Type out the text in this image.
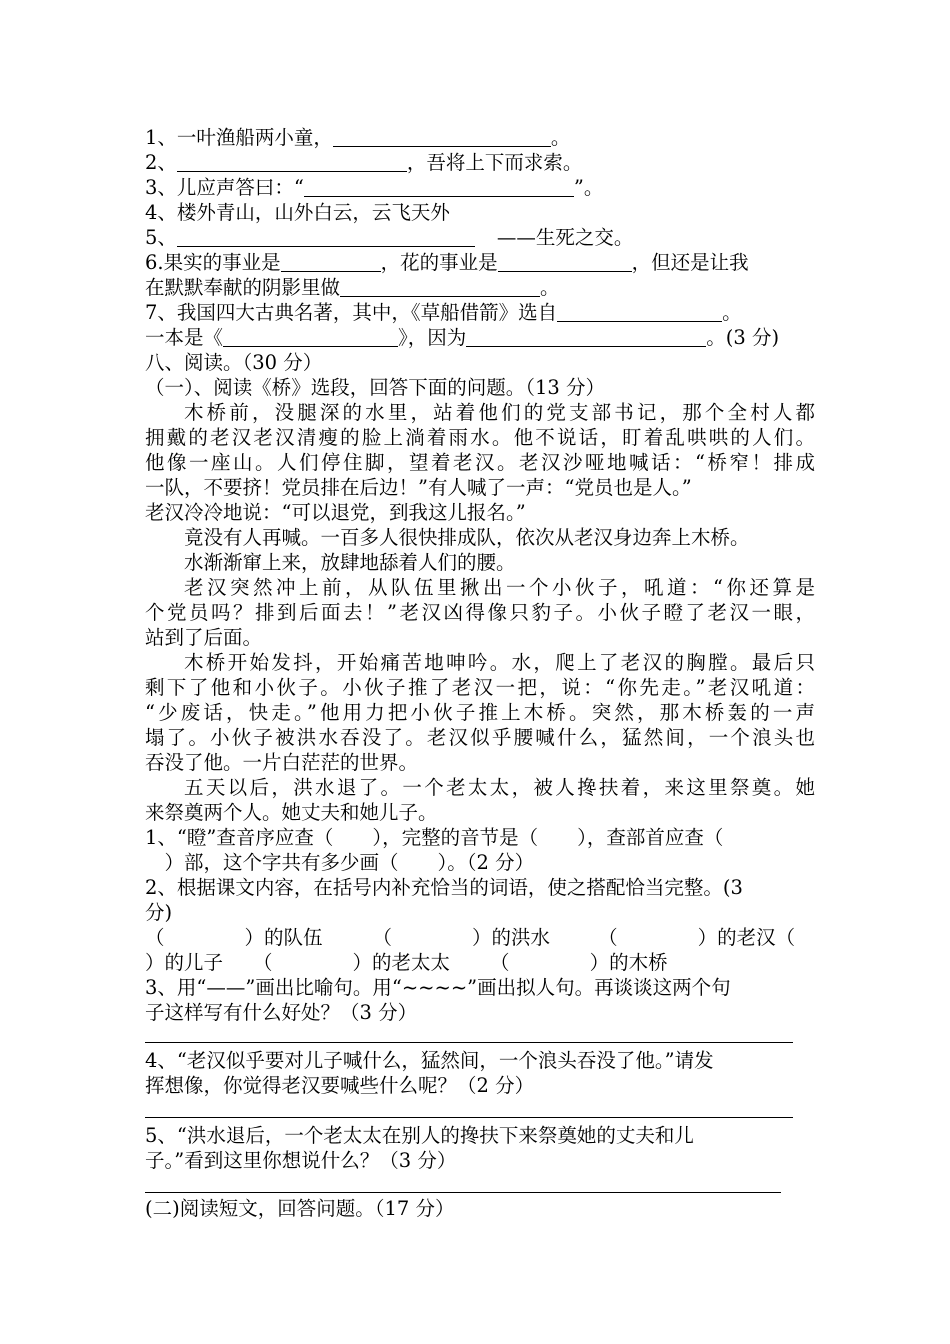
1、一叶渔船两小童，	。
2、	，吾将上下而求索。
3、儿应声答曰：“	”。
4、楼外青山，山外白云，云飞天外
5、	——生死之交。
6.果实的事业是	，花的事业是	，但还是让我
在默默奉献的阴影里做	。
7、我国四大古典名著，其中，《草船借箭》选自	。
一本是《	》，因为	。(3 分)
八、阅读。（30 分）
（一）、阅读《桥》选段，回答下面的问题。（13 分）
木桥前，没腿深的水里，站着他们的党支部书记，那个全村人都
拥戴的老汉老汉清瘦的脸上淌着雨水。他不说话，盯着乱哄哄的人们。
他像一座山。人们停住脚，望着老汉。老汉沙哑地喊话：“桥窄！排成
一队，不要挤！党员排在后边！”有人喊了一声：“党员也是人。”
老汉冷冷地说：“可以退党，到我这儿报名。”
竟没有人再喊。一百多人很快排成队，依次从老汉身边奔上木桥。
水渐渐窜上来，放肆地舔着人们的腰。
老汉突然冲上前，从队伍里揪出一个小伙子，吼道：“你还算是
个党员吗？排到后面去！”老汉凶得像只豹子。小伙子瞪了老汉一眼，
站到了后面。
木桥开始发抖，开始痛苦地呻吟。水，爬上了老汉的胸膛。最后只
剩下了他和小伙子。小伙子推了老汉一把，说：“你先走。”老汉吼道：
“少废话，快走。”他用力把小伙子推上木桥。突然，那木桥轰的一声
塌了。小伙子被洪水吞没了。老汉似乎腰喊什么，猛然间，一个浪头也
吞没了他。一片白茫茫的世界。
五天以后，洪水退了。一个老太太，被人搀扶着，来这里祭奠。她
来祭奠两个人。她丈夫和她儿子。
1、“瞪”查音序应查（　　），完整的音节是（　　），查部首应查（
　）部，这个字共有多少画（　　）。（2 分）
2、根据课文内容，在括号内补充恰当的词语，使之搭配恰当完整。(3
分)
（	）的队伍	（	）的洪水 （	）的老汉（
）的儿子 （	）的老太太 （	）的木桥
3、用“——”画出比喻句。用“~~~~”画出拟人句。再谈谈这两个句
子这样写有什么好处？（3 分）
4、“老汉似乎要对儿子喊什么，猛然间，一个浪头吞没了他。”请发
挥想像，你觉得老汉要喊些什么呢？（2 分）
5、“洪水退后，一个老太太在别人的搀扶下来祭奠她的丈夫和儿
子。”看到这里你想说什么？（3 分）
(二)阅读短文，回答问题。（17 分）
